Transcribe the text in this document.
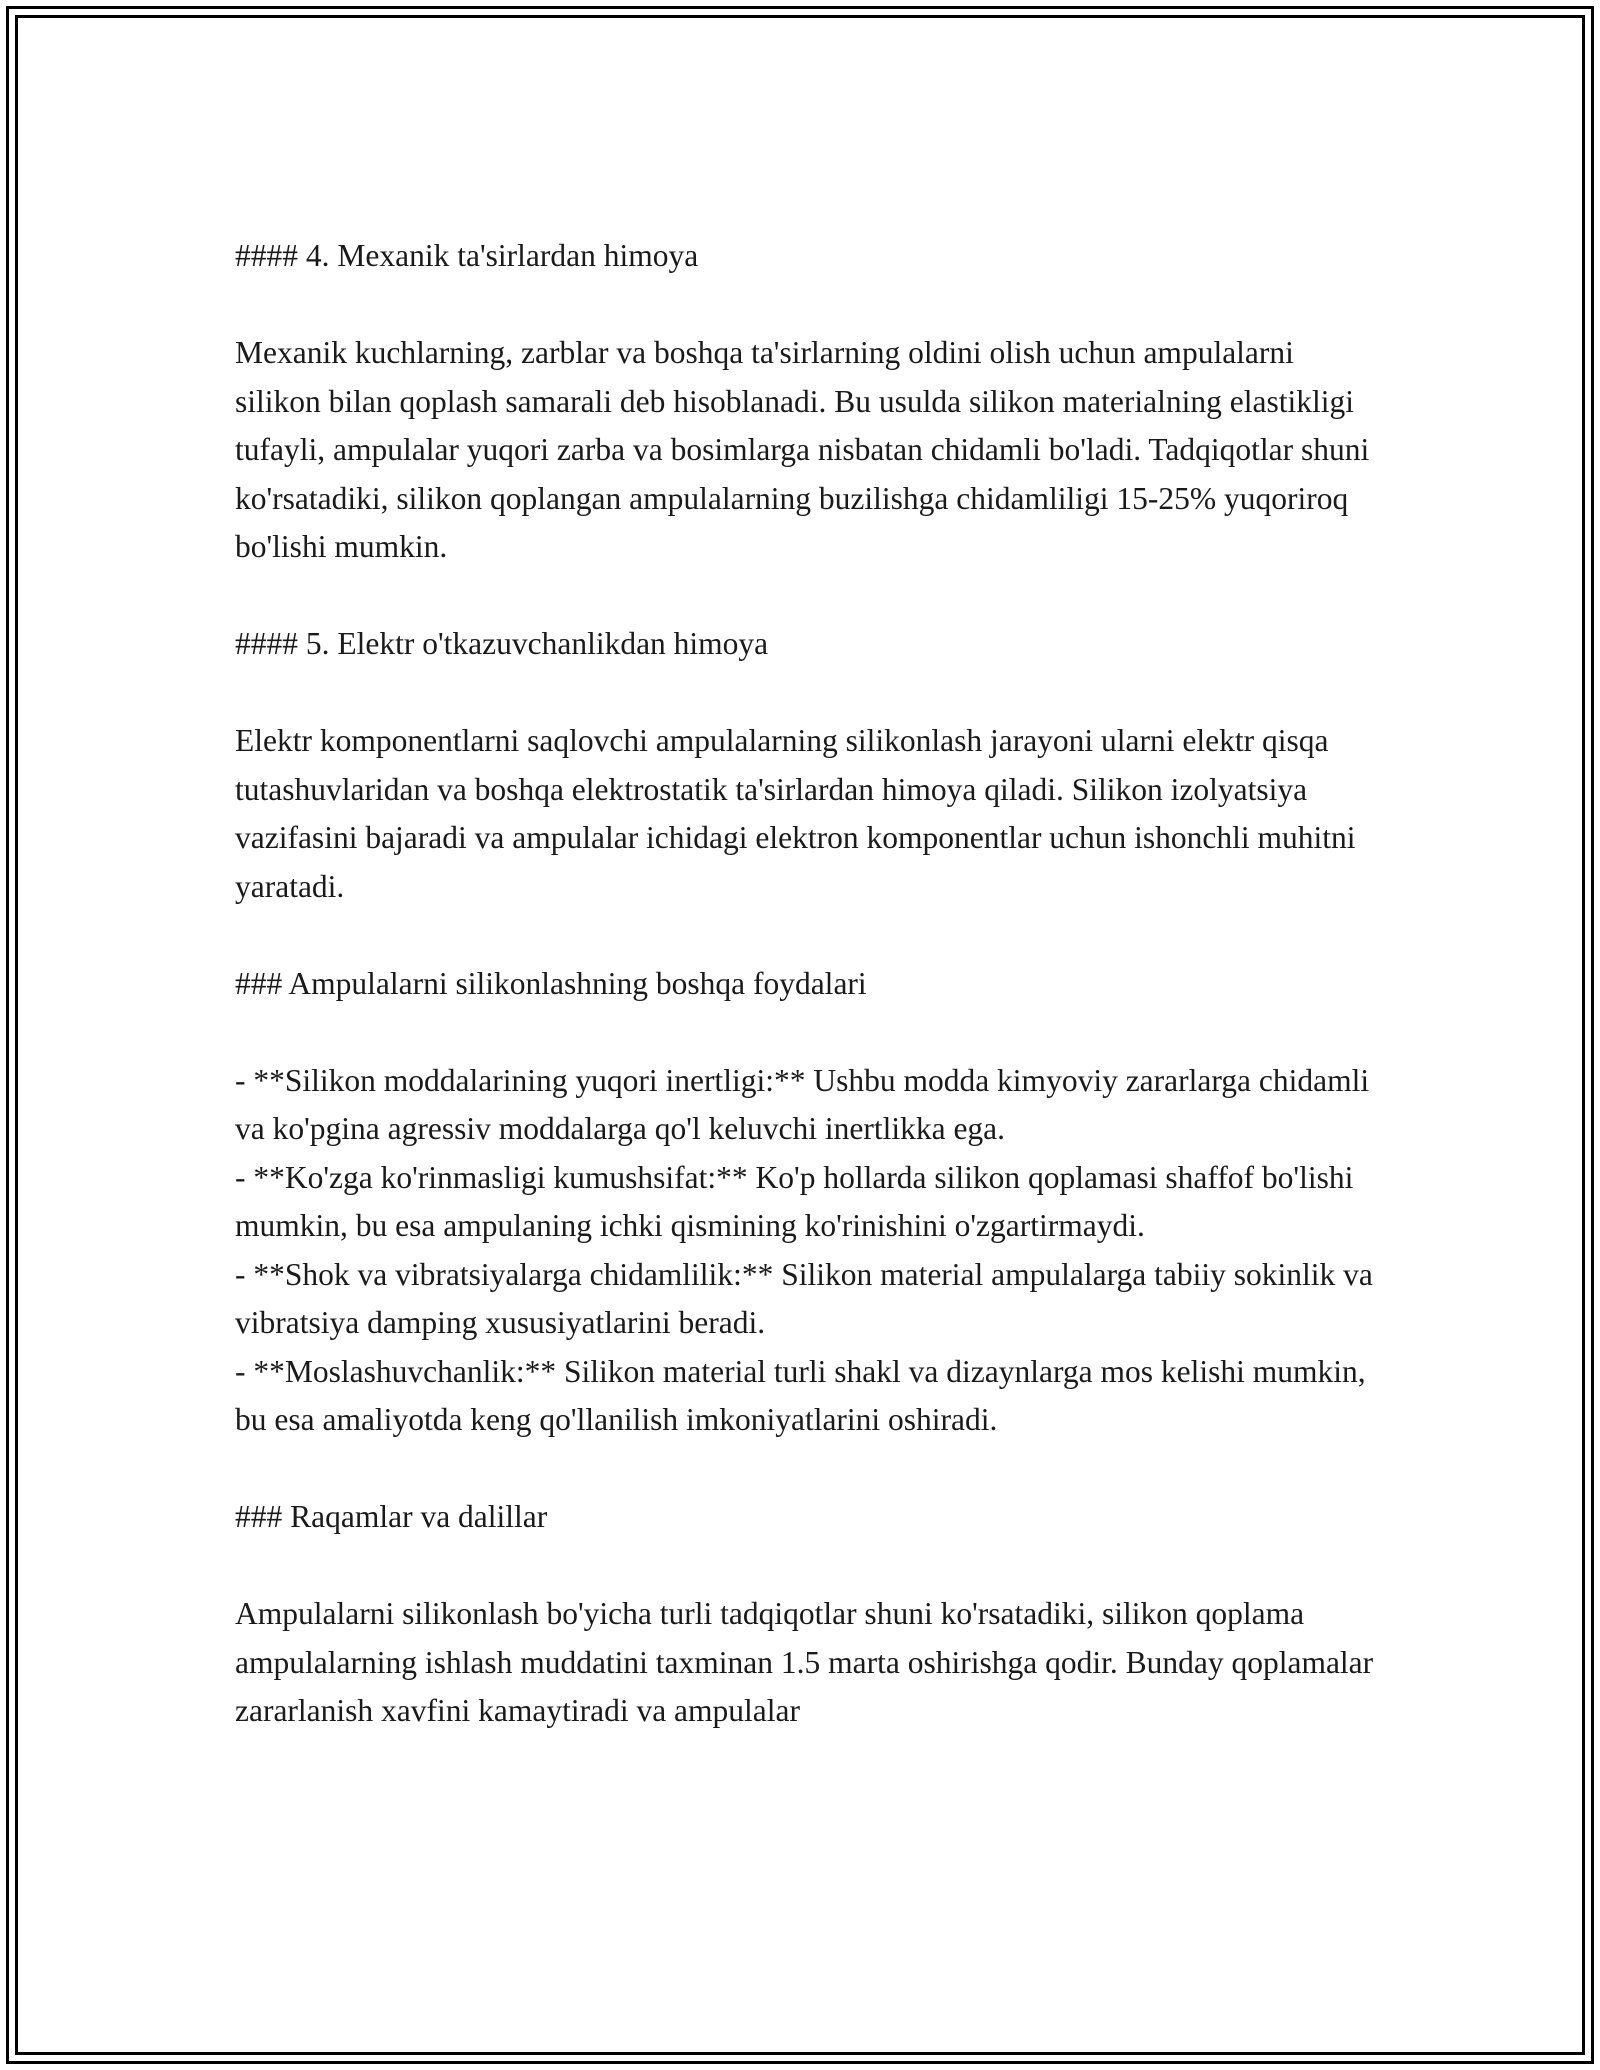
#### 4. Mexanik ta'sirlardan himoya
Mexanik kuchlarning, zarblar va boshqa ta'sirlarning oldini olish uchun ampulalarni silikon bilan qoplash samarali deb hisoblanadi. Bu usulda silikon materialning elastikligi tufayli, ampulalar yuqori zarba va bosimlarga nisbatan chidamli bo'ladi. Tadqiqotlar shuni ko'rsatadiki, silikon qoplangan ampulalarning buzilishga chidamliligi 15-25% yuqoriroq bo'lishi mumkin.
#### 5. Elektr o'tkazuvchanlikdan himoya
Elektr komponentlarni saqlovchi ampulalarning silikonlash jarayoni ularni elektr qisqa tutashuvlaridan va boshqa elektrostatik ta'sirlardan himoya qiladi. Silikon izolyatsiya vazifasini bajaradi va ampulalar ichidagi elektron komponentlar uchun ishonchli muhitni yaratadi.
### Ampulalarni silikonlashning boshqa foydalari
- **Silikon moddalarining yuqori inertligi:** Ushbu modda kimyoviy zararlarga chidamli va ko'pgina agressiv moddalarga qo'l keluvchi inertlikka ega.
- **Ko'zga ko'rinmasligi kumushsifat:** Ko'p hollarda silikon qoplamasi shaffof bo'lishi mumkin, bu esa ampulaning ichki qismining ko'rinishini o'zgartirmaydi.
- **Shok va vibratsiyalarga chidamlilik:** Silikon material ampulalarga tabiiy sokinlik va vibratsiya damping xususiyatlarini beradi.
- **Moslashuvchanlik:** Silikon material turli shakl va dizaynlarga mos kelishi mumkin, bu esa amaliyotda keng qo'llanilish imkoniyatlarini oshiradi.
### Raqamlar va dalillar
Ampulalarni silikonlash bo'yicha turli tadqiqotlar shuni ko'rsatadiki, silikon qoplama ampulalarning ishlash muddatini taxminan 1.5 marta oshirishga qodir. Bunday qoplamalar zararlanish xavfini kamaytiradi va ampulalar
